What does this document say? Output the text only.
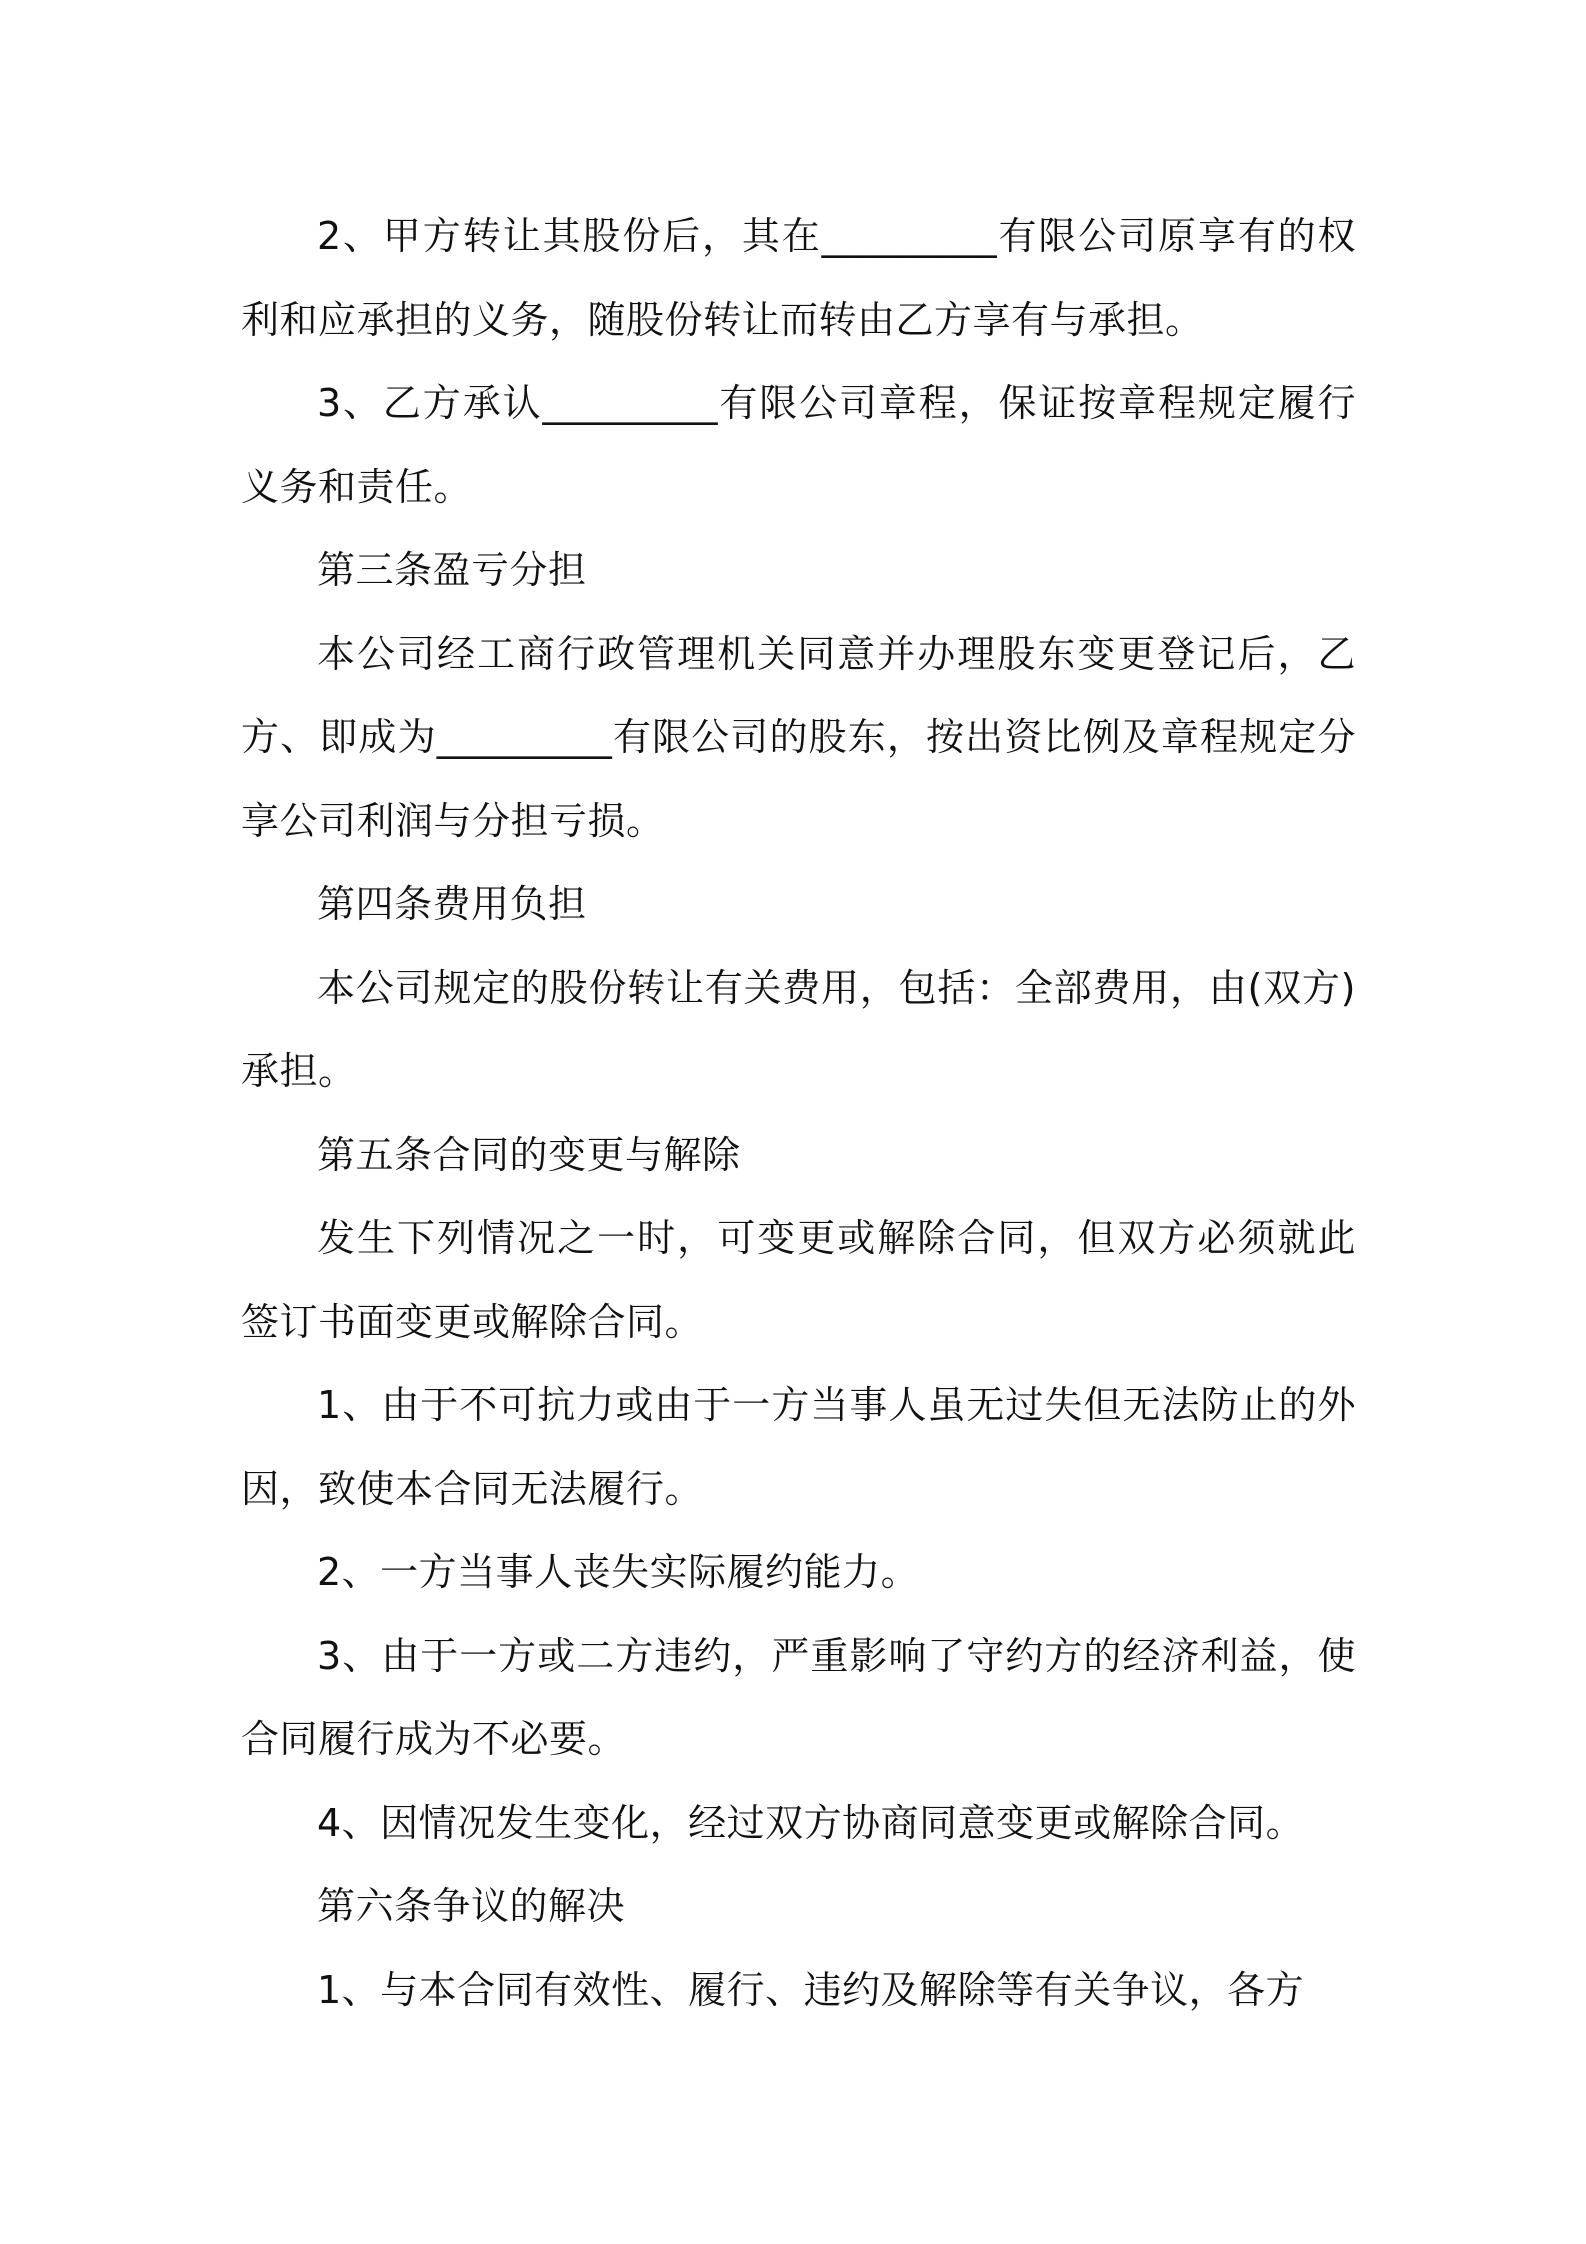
2、甲方转让其股份后，其在_________有限公司原享有的权利和应承担的义务，随股份转让而转由乙方享有与承担。

3、乙方承认_________有限公司章程，保证按章程规定履行义务和责任。

第三条盈亏分担

本公司经工商行政管理机关同意并办理股东变更登记后，乙方、即成为_________有限公司的股东，按出资比例及章程规定分享公司利润与分担亏损。

第四条费用负担

本公司规定的股份转让有关费用，包括：全部费用，由(双方)承担。

第五条合同的变更与解除

发生下列情况之一时，可变更或解除合同，但双方必须就此签订书面变更或解除合同。

1、由于不可抗力或由于一方当事人虽无过失但无法防止的外因，致使本合同无法履行。

2、一方当事人丧失实际履约能力。

3、由于一方或二方违约，严重影响了守约方的经济利益，使合同履行成为不必要。

4、因情况发生变化，经过双方协商同意变更或解除合同。

第六条争议的解决

1、与本合同有效性、履行、违约及解除等有关争议，各方
